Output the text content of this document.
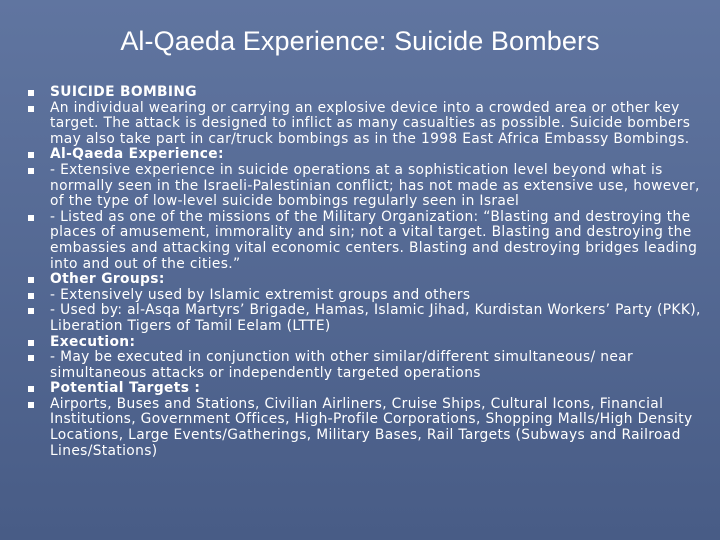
Al-Qaeda Experience: Suicide Bombers
SUICIDE BOMBING
An individual wearing or carrying an explosive device into a crowded area or other key target. The attack is designed to inflict as many casualties as possible. Suicide bombers may also take part in car/truck bombings as in the 1998 East Africa Embassy Bombings.
Al-Qaeda Experience:
- Extensive experience in suicide operations at a sophistication level beyond what is normally seen in the Israeli-Palestinian conflict; has not made as extensive use, however, of the type of low-level suicide bombings regularly seen in Israel
- Listed as one of the missions of the Military Organization: “Blasting and destroying the places of amusement, immorality and sin; not a vital target. Blasting and destroying the embassies and attacking vital economic centers. Blasting and destroying bridges leading into and out of the cities.”
Other Groups:
- Extensively used by Islamic extremist groups and others
- Used by: al-Asqa Martyrs’ Brigade, Hamas, Islamic Jihad, Kurdistan Workers’ Party (PKK), Liberation Tigers of Tamil Eelam (LTTE)
Execution:
- May be executed in conjunction with other similar/different simultaneous/ near simultaneous attacks or independently targeted operations
Potential Targets :
Airports, Buses and Stations, Civilian Airliners, Cruise Ships, Cultural Icons, Financial Institutions, Government Offices, High-Profile Corporations, Shopping Malls/High Density Locations, Large Events/Gatherings, Military Bases, Rail Targets (Subways and Railroad Lines/Stations)
